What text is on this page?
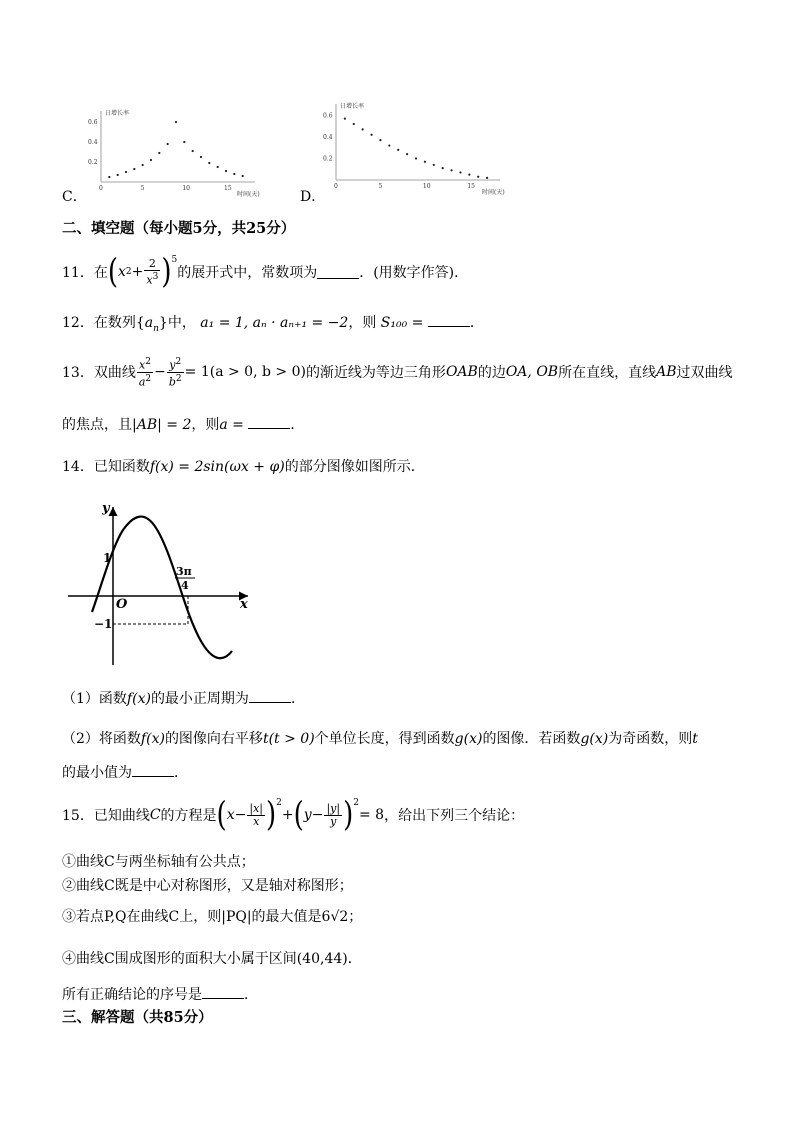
C．
日增长率
时间(天)
0.6
0.4
0.2
0	5	10	15
D．
日增长率
时间(天)
0.6
0.4
0.2
0	5	10	15
二、填空题（每小题5分，共25分）
11．在 ( x $2 + \frac{2}{x^3} )^5$
的展开式中，常数项为	．(用数字作答)．
12．在数列$\{a_n\}$中， a₁ = 1, aₙ · aₙ₊₁ = −2，则 S₁₀₀ =	．
13．双曲线 $\frac{x^2}{a^2} - \frac{y^2}{b^2} = 1(a > 0$, b > 0) 的渐近线为等边三角形 OAB 的边 OA, OB 所在直线，直线 AB 过双曲线
的焦点，且|AB| = 2，则a =	．
14．已知函数f(x) = 2sin(ωx + φ)的部分图像如图所示．
y
x
O
1
−1
3π
4
（1）函数f(x)的最小正周期为	．
（2）将函数f(x)的图像向右平移t(t > 0)个单位长度，得到函数g(x)的图像．若函数g(x)为奇函数，则t
的最小值为	．
15．已知曲线 C 的方程是 ( $x - \frac{|x|}{x} )^2$
+ ( $y - \frac{|y|}{y} )^2$
= 8 ，给出下列三个结论：
①曲线C与两坐标轴有公共点；
②曲线C既是中心对称图形，又是轴对称图形；
③若点P,Q在曲线C上，则|PQ|的最大值是6√2；
④曲线C围成图形的面积大小属于区间(40,44)．
所有正确结论的序号是	．
三、解答题（共85分）
